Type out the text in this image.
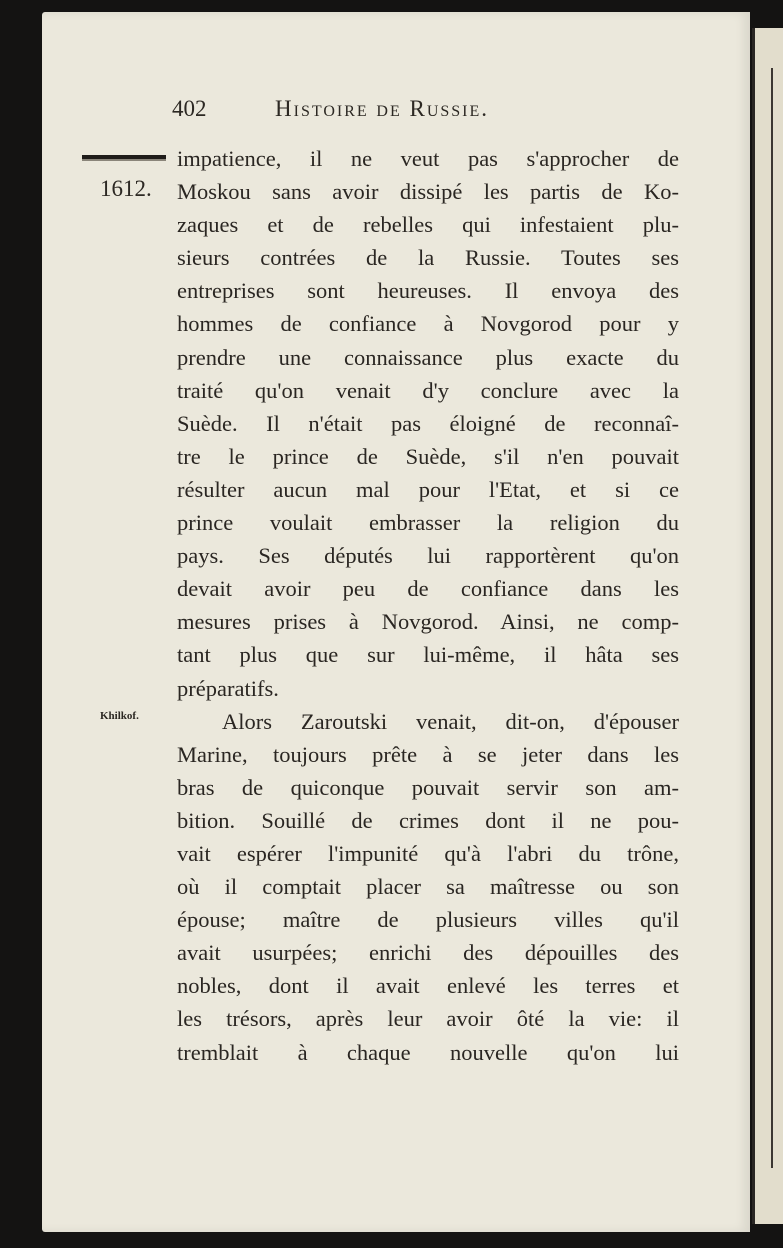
402	Histoire de Russie.
1612.
Khilkof.
impatience, il ne veut pas s'approcher de
Moskou sans avoir dissipé les partis de Ko-
zaques et de rebelles qui infestaient plu-
sieurs contrées de la Russie. Toutes ses
entreprises sont heureuses. Il envoya des
hommes de confiance à Novgorod pour y
prendre une connaissance plus exacte du
traité qu'on venait d'y conclure avec la
Suède. Il n'était pas éloigné de reconnaî-
tre le prince de Suède, s'il n'en pouvait
résulter aucun mal pour l'Etat, et si ce
prince voulait embrasser la religion du
pays. Ses députés lui rapportèrent qu'on
devait avoir peu de confiance dans les
mesures prises à Novgorod. Ainsi, ne comp-
tant plus que sur lui-même, il hâta ses
préparatifs.
Alors Zaroutski venait, dit-on, d'épouser
Marine, toujours prête à se jeter dans les
bras de quiconque pouvait servir son am-
bition. Souillé de crimes dont il ne pou-
vait espérer l'impunité qu'à l'abri du trône,
où il comptait placer sa maîtresse ou son
épouse; maître de plusieurs villes qu'il
avait usurpées; enrichi des dépouilles des
nobles, dont il avait enlevé les terres et
les trésors, après leur avoir ôté la vie: il
tremblait à chaque nouvelle qu'on lui
